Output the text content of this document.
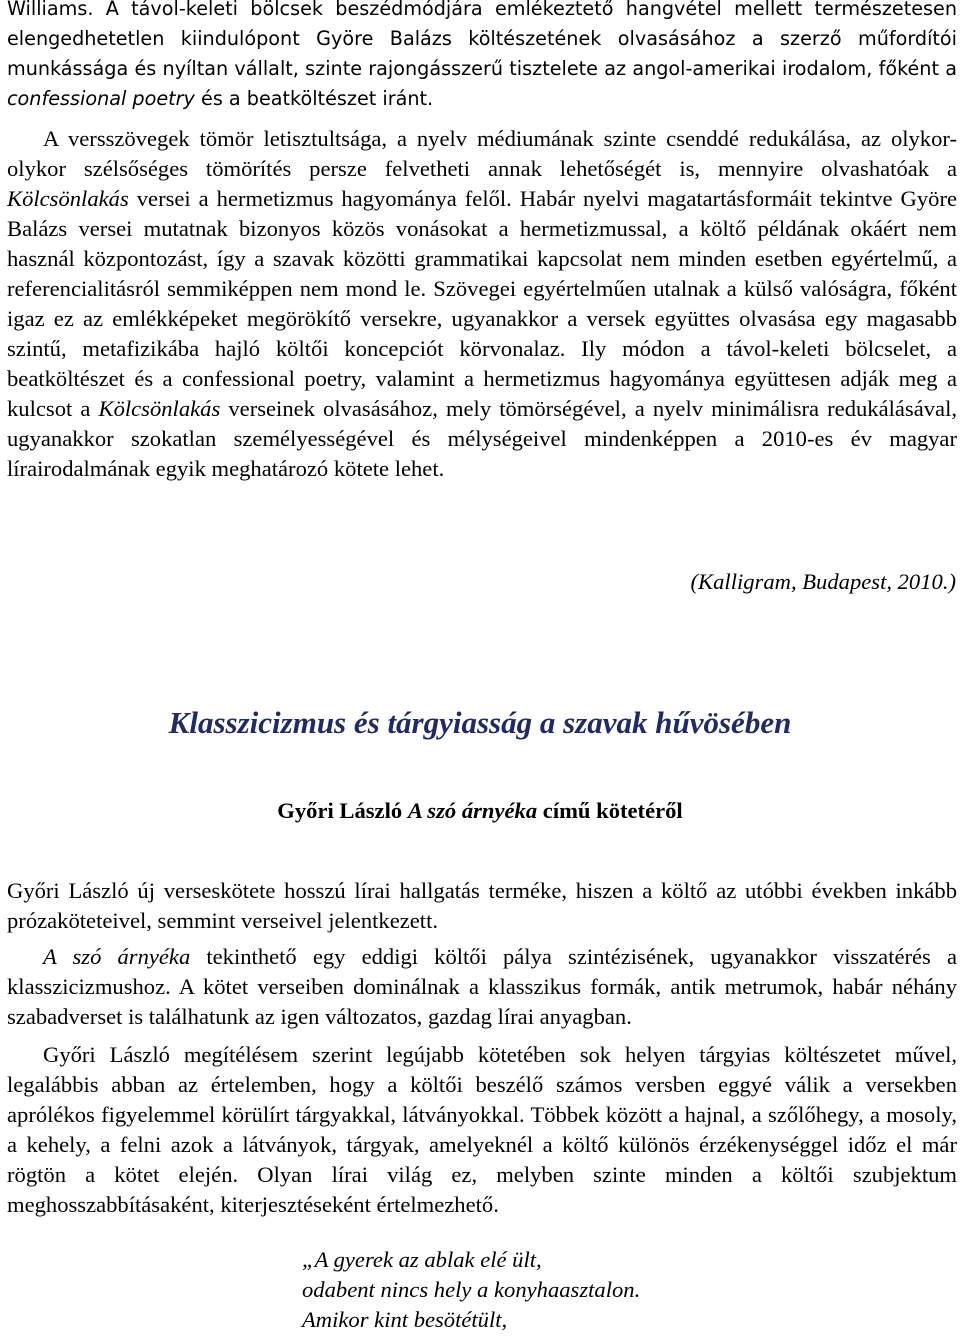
Williams. A távol-keleti bölcsek beszédmódjára emlékeztető hangvétel mellett természetesen elengedhetetlen kiindulópont Györe Balázs költészetének olvasásához a szerző műfordítói munkássága és nyíltan vállalt, szinte rajongásszerű tisztelete az angol-amerikai irodalom, főként a confessional poetry és a beatköltészet iránt.

A versszövegek tömör letisztultsága, a nyelv médiumának szinte csenddé redukálása, az olykor-olykor szélsőséges tömörítés persze felvetheti annak lehetőségét is, mennyire olvashatóak a Kölcsönlakás versei a hermetizmus hagyománya felől. Habár nyelvi magatartásformáit tekintve Györe Balázs versei mutatnak bizonyos közös vonásokat a hermetizmussal, a költő példának okáért nem használ központozást, így a szavak közötti grammatikai kapcsolat nem minden esetben egyértelmű, a referencialitásról semmiképpen nem mond le. Szövegei egyértelműen utalnak a külső valóságra, főként igaz ez az emlékképeket megörökítő versekre, ugyanakkor a versek együttes olvasása egy magasabb szintű, metafizikába hajló költői koncepciót körvonalaz. Ily módon a távol-keleti bölcselet, a beatköltészet és a confessional poetry, valamint a hermetizmus hagyománya együttesen adják meg a kulcsot a Kölcsönlakás verseinek olvasásához, mely tömörségével, a nyelv minimálisra redukálásával, ugyanakkor szokatlan személyességével és mélységeivel mindenképpen a 2010-es év magyar lírairodalmának egyik meghatározó kötete lehet.

(Kalligram, Budapest, 2010.)
Klasszicizmus és tárgyiasság a szavak hűvösében
Győri László A szó árnyéka című kötetéről

Győri László új verseskötete hosszú lírai hallgatás terméke, hiszen a költő az utóbbi években inkább prózaköteteivel, semmint verseivel jelentkezett.

A szó árnyéka tekinthető egy eddigi költői pálya szintézisének, ugyanakkor visszatérés a klasszicizmushoz. A kötet verseiben dominálnak a klasszikus formák, antik metrumok, habár néhány szabadverset is találhatunk az igen változatos, gazdag lírai anyagban.

Győri László megítélésem szerint legújabb kötetében sok helyen tárgyias költészetet művel, legalábbis abban az értelemben, hogy a költői beszélő számos versben eggyé válik a versekben aprólékos figyelemmel körülírt tárgyakkal, látványokkal. Többek között a hajnal, a szőlőhegy, a mosoly, a kehely, a felni azok a látványok, tárgyak, amelyeknél a költő különös érzékenységgel időz el már rögtön a kötet elején. Olyan lírai világ ez, melyben szinte minden a költői szubjektum meghosszabbításaként, kiterjesztéseként értelmezhető.

„A gyerek az ablak elé ült,
odabent nincs hely a konyhaasztalon.
Amikor kint besötétült,
